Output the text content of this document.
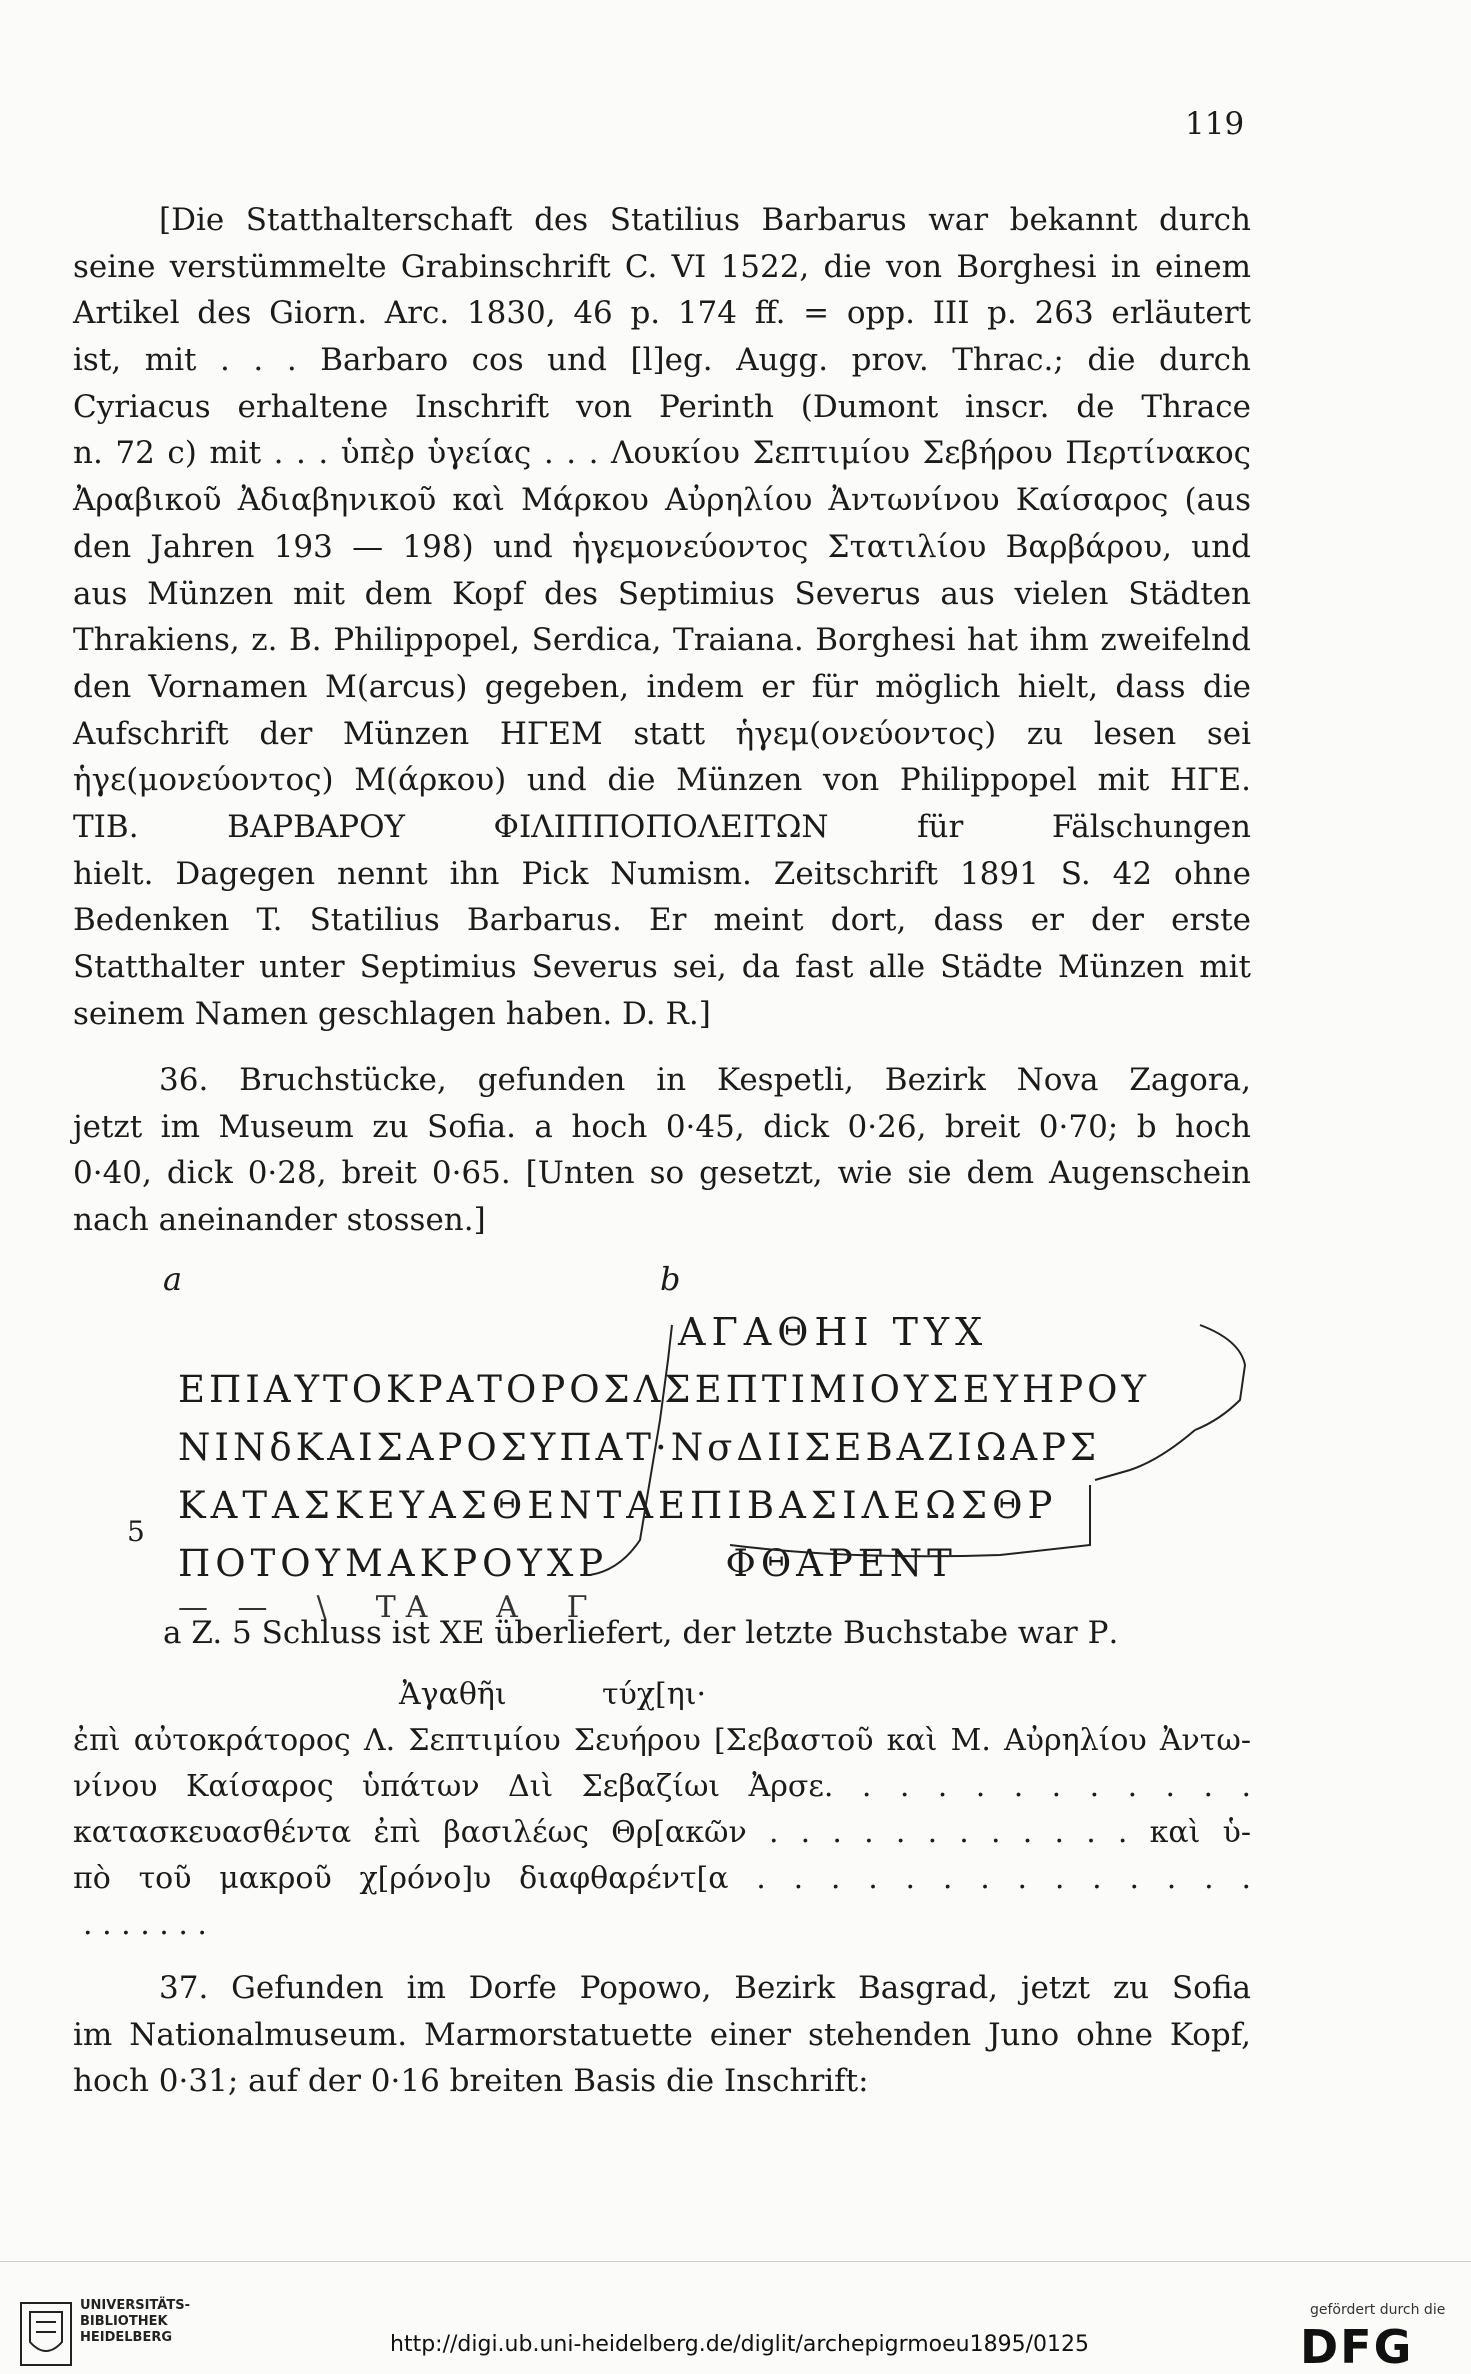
119
[Die Statthalterschaft des Statilius Barbarus war bekannt durch
seine verstümmelte Grabinschrift C. VI 1522, die von Borghesi in einem
Artikel des Giorn. Arc. 1830, 46 p. 174 ff. = opp. III p. 263 erläutert
ist, mit . . . Barbaro cos und [l]eg. Augg. prov. Thrac.; die durch
Cyriacus erhaltene Inschrift von Perinth (Dumont inscr. de Thrace
n. 72 c) mit . . . ὑπὲρ ὑγείας . . . Λουκίου Σεπτιμίου Σεβήρου Περτίνακος
Ἀραβικοῦ Ἀδιαβηνικοῦ καὶ Μάρκου Αὐρηλίου Ἀντωνίνου Καίσαρος (aus
den Jahren 193 — 198) und ἡγεμονεύοντος Στατιλίου Βαρβάρου, und
aus Münzen mit dem Kopf des Septimius Severus aus vielen Städten
Thrakiens, z. B. Philippopel, Serdica, Traiana. Borghesi hat ihm zweifelnd
den Vornamen M(arcus) gegeben, indem er für möglich hielt, dass die
Aufschrift der Münzen ΗΓΕΜ statt ἡγεμ(ονεύοντος) zu lesen sei
ἡγε(μονεύοντος) Μ(άρκου) und die Münzen von Philippopel mit ΗΓΕ.
ΤΙΒ. ΒΑΡΒΑΡΟΥ ΦΙΛΙΠΠΟΠΟΛΕΙΤΩΝ für Fälschungen
hielt. Dagegen nennt ihn Pick Numism. Zeitschrift 1891 S. 42 ohne
Bedenken T. Statilius Barbarus. Er meint dort, dass er der erste
Statthalter unter Septimius Severus sei, da fast alle Städte Münzen mit
seinem Namen geschlagen haben. D. R.]
36. Bruchstücke, gefunden in Kespetli, Bezirk Nova Zagora,
jetzt im Museum zu Sofia. a hoch 0·45, dick 0·26, breit 0·70; b hoch
0·40, dick 0·28, breit 0·65. [Unten so gesetzt, wie sie dem Augenschein
nach aneinander stossen.]
a	b
ΑΓΑΘΗΙ ΤΥΧ
ΕΠΙΑΥΤΟΚΡΑΤΟΡΟΣΛΣΕΠΤΙΜΙΟΥΣΕΥΗΡΟΥ
ΝΙΝδΚΑΙΣΑΡΟΣΥΠΑΤ·ΝσΔΙΙΣΕΒΑΖΙΩΑΡΣ
ΚΑΤΑΣΚΕΥΑΣΘΕΝΤΑΕΠΙΒΑΣΙΛΕΩΣΘΡ
ΠΟΤΟΥΜΑΚΡΟΥΧΡ       ΦΘΑΡΕΝΤ
— —  \  ΤΑ   Α  Γ
5
a Z. 5 Schluss ist ΧΕ überliefert, der letzte Buchstabe war Ρ.
Ἀγαθῆι          τύχ[ηι·
ἐπὶ αὐτοκράτορος Λ. Σεπτιμίου Σευήρου [Σεβαστοῦ καὶ Μ. Αὐρηλίου Ἀντω-
νίνου Καίσαρος ὑπάτων Διὶ Σεβαζίωι Ἀρσε. . . . . . . . . . . .
κατασκευασθέντα ἐπὶ βασιλέως Θρ[ακῶν . . . . . . . . . . . . καὶ ὑ-
πὸ τοῦ μακροῦ χ[ρόνο]υ διαφθαρέντ[α . . . . . . . . . . . . . .
. . . . . . .
37. Gefunden im Dorfe Popowo, Bezirk Basgrad, jetzt zu Sofia
im Nationalmuseum. Marmorstatuette einer stehenden Juno ohne Kopf,
hoch 0·31; auf der 0·16 breiten Basis die Inschrift:
UNIVERSITÄTS-
BIBLIOTHEK
HEIDELBERG	http://digi.ub.uni-heidelberg.de/diglit/archepigrmoeu1895/0125
gefördert durch die
DFG
